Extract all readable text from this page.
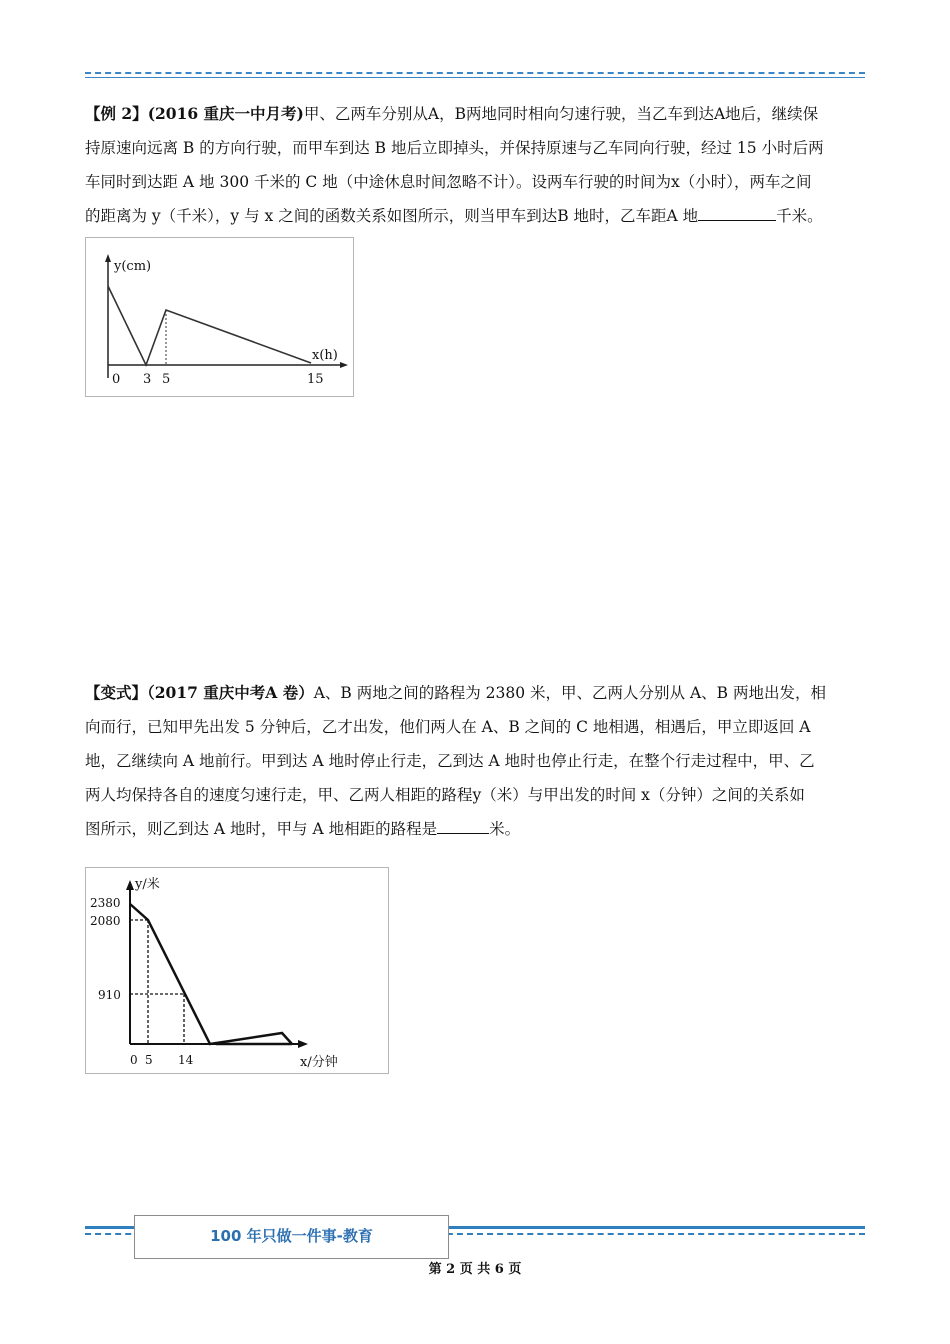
【例 2】(2016 重庆一中月考)甲、乙两车分别从A，B两地同时相向匀速行驶，当乙车到达A地后，继续保
持原速向远离 B 的方向行驶，而甲车到达 B 地后立即掉头，并保持原速与乙车同向行驶，经过 15 小时后两
车同时到达距 A 地 300 千米的 C 地（中途休息时间忽略不计）。设两车行驶的时间为x（小时），两车之间
的距离为 y（千米），y 与 x 之间的函数关系如图所示，则当甲车到达B 地时，乙车距A 地	千米。
y(cm)
x(h)
0 3 5	15
【变式】（2017 重庆中考A 卷）A、B 两地之间的路程为 2380 米，甲、乙两人分别从 A、B 两地出发，相
向而行，已知甲先出发 5 分钟后，乙才出发，他们两人在 A、B 之间的 C 地相遇，相遇后，甲立即返回 A
地，乙继续向 A 地前行。甲到达 A 地时停止行走，乙到达 A 地时也停止行走，在整个行走过程中，甲、乙
两人均保持各自的速度匀速行走，甲、乙两人相距的路程y（米）与甲出发的时间 x（分钟）之间的关系如
图所示，则乙到达 A 地时，甲与 A 地相距的路程是	米。
y/米
2380
2080
910
0 5 14	x/分钟
100 年只做一件事-教育
第 2 页 共 6 页
